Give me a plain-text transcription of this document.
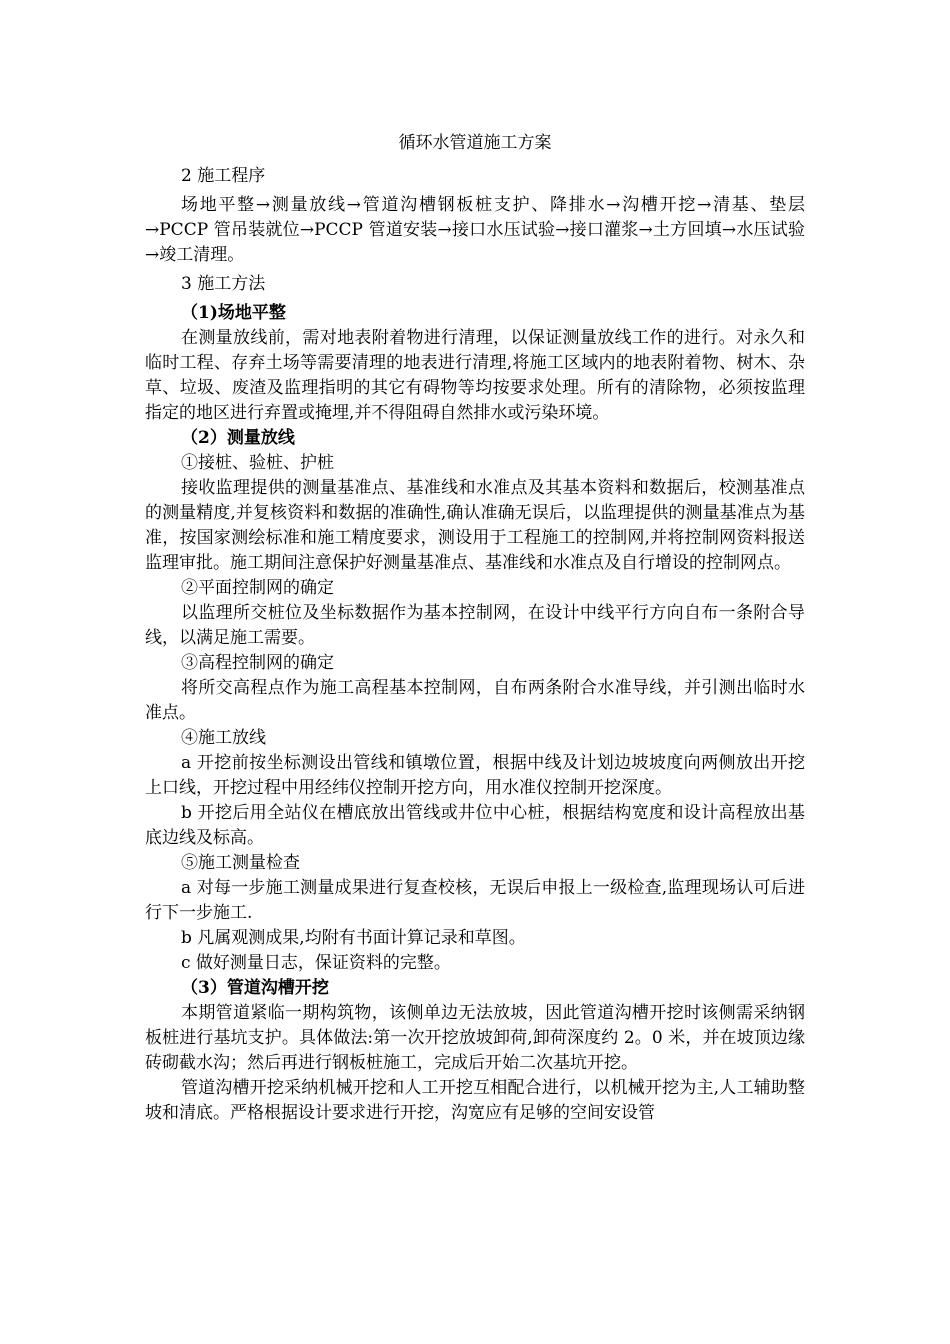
循环水管道施工方案

2 施工程序

场地平整→测量放线→管道沟槽钢板桩支护、降排水→沟槽开挖→清基、垫层→PCCP 管吊装就位→PCCP 管道安装→接口水压试验→接口灌浆→土方回填→水压试验→竣工清理。

3 施工方法

（1)场地平整

在测量放线前，需对地表附着物进行清理，以保证测量放线工作的进行。对永久和临时工程、存弃土场等需要清理的地表进行清理,将施工区域内的地表附着物、树木、杂草、垃圾、废渣及监理指明的其它有碍物等均按要求处理。所有的清除物，必须按监理指定的地区进行弃置或掩埋,并不得阻碍自然排水或污染环境。

（2）测量放线

①接桩、验桩、护桩

接收监理提供的测量基准点、基准线和水准点及其基本资料和数据后，校测基准点的测量精度,并复核资料和数据的准确性,确认准确无误后，以监理提供的测量基准点为基准，按国家测绘标准和施工精度要求，测设用于工程施工的控制网,并将控制网资料报送监理审批。施工期间注意保护好测量基准点、基准线和水准点及自行增设的控制网点。

②平面控制网的确定

以监理所交桩位及坐标数据作为基本控制网，在设计中线平行方向自布一条附合导线，以满足施工需要。

③高程控制网的确定

将所交高程点作为施工高程基本控制网，自布两条附合水准导线，并引测出临时水准点。

④施工放线

a 开挖前按坐标测设出管线和镇墩位置，根据中线及计划边坡坡度向两侧放出开挖上口线，开挖过程中用经纬仪控制开挖方向，用水准仪控制开挖深度。

b 开挖后用全站仪在槽底放出管线或井位中心桩，根据结构宽度和设计高程放出基底边线及标高。

⑤施工测量检查

a 对每一步施工测量成果进行复查校核，无误后申报上一级检查,监理现场认可后进行下一步施工.

b 凡属观测成果,均附有书面计算记录和草图。

c 做好测量日志，保证资料的完整。

（3）管道沟槽开挖

本期管道紧临一期构筑物，该侧单边无法放坡，因此管道沟槽开挖时该侧需采纳钢板桩进行基坑支护。具体做法:第一次开挖放坡卸荷,卸荷深度约 2。0 米，并在坡顶边缘砖砌截水沟；然后再进行钢板桩施工，完成后开始二次基坑开挖。

管道沟槽开挖采纳机械开挖和人工开挖互相配合进行，以机械开挖为主,人工辅助整坡和清底。严格根据设计要求进行开挖，沟宽应有足够的空间安设管
